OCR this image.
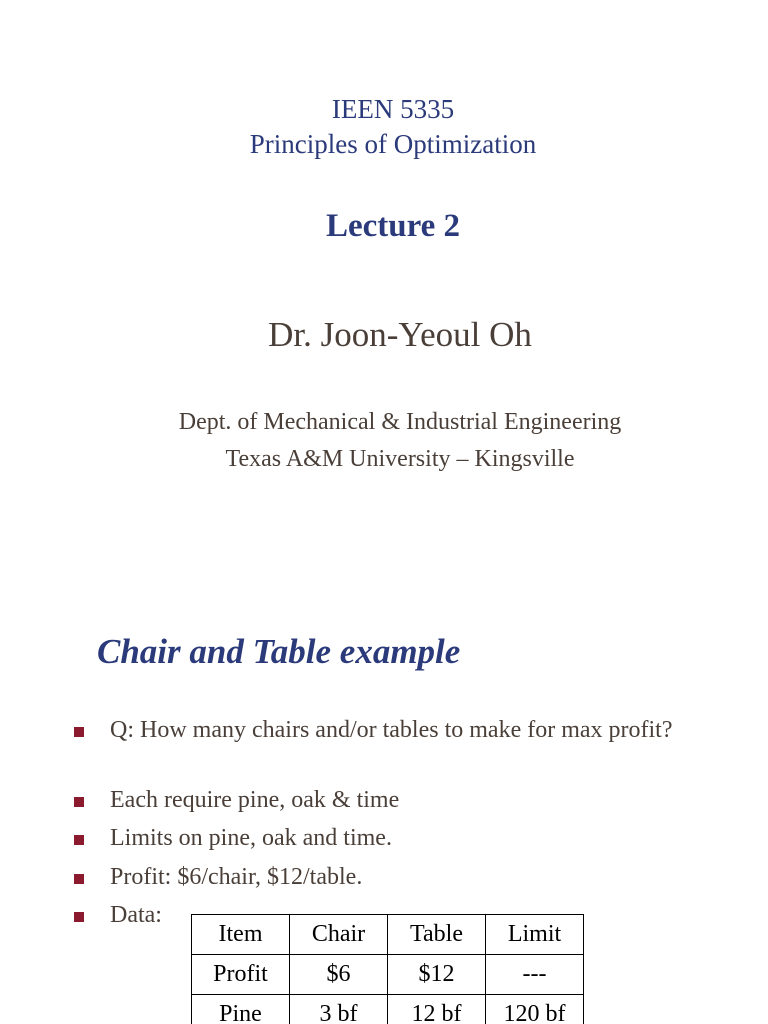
IEEN 5335
Principles of Optimization
Lecture 2
Dr. Joon-Yeoul Oh
Dept. of Mechanical & Industrial Engineering
Texas A&M University – Kingsville
Chair and Table example
Q: How many chairs and/or tables to make for max profit?
Each require pine, oak & time
Limits on pine, oak and time.
Profit: $6/chair, $12/table.
Data:
Item	Chair	Table	Limit
Profit	$6	$12	---
Pine	3 bf	12 bf	120 bf
